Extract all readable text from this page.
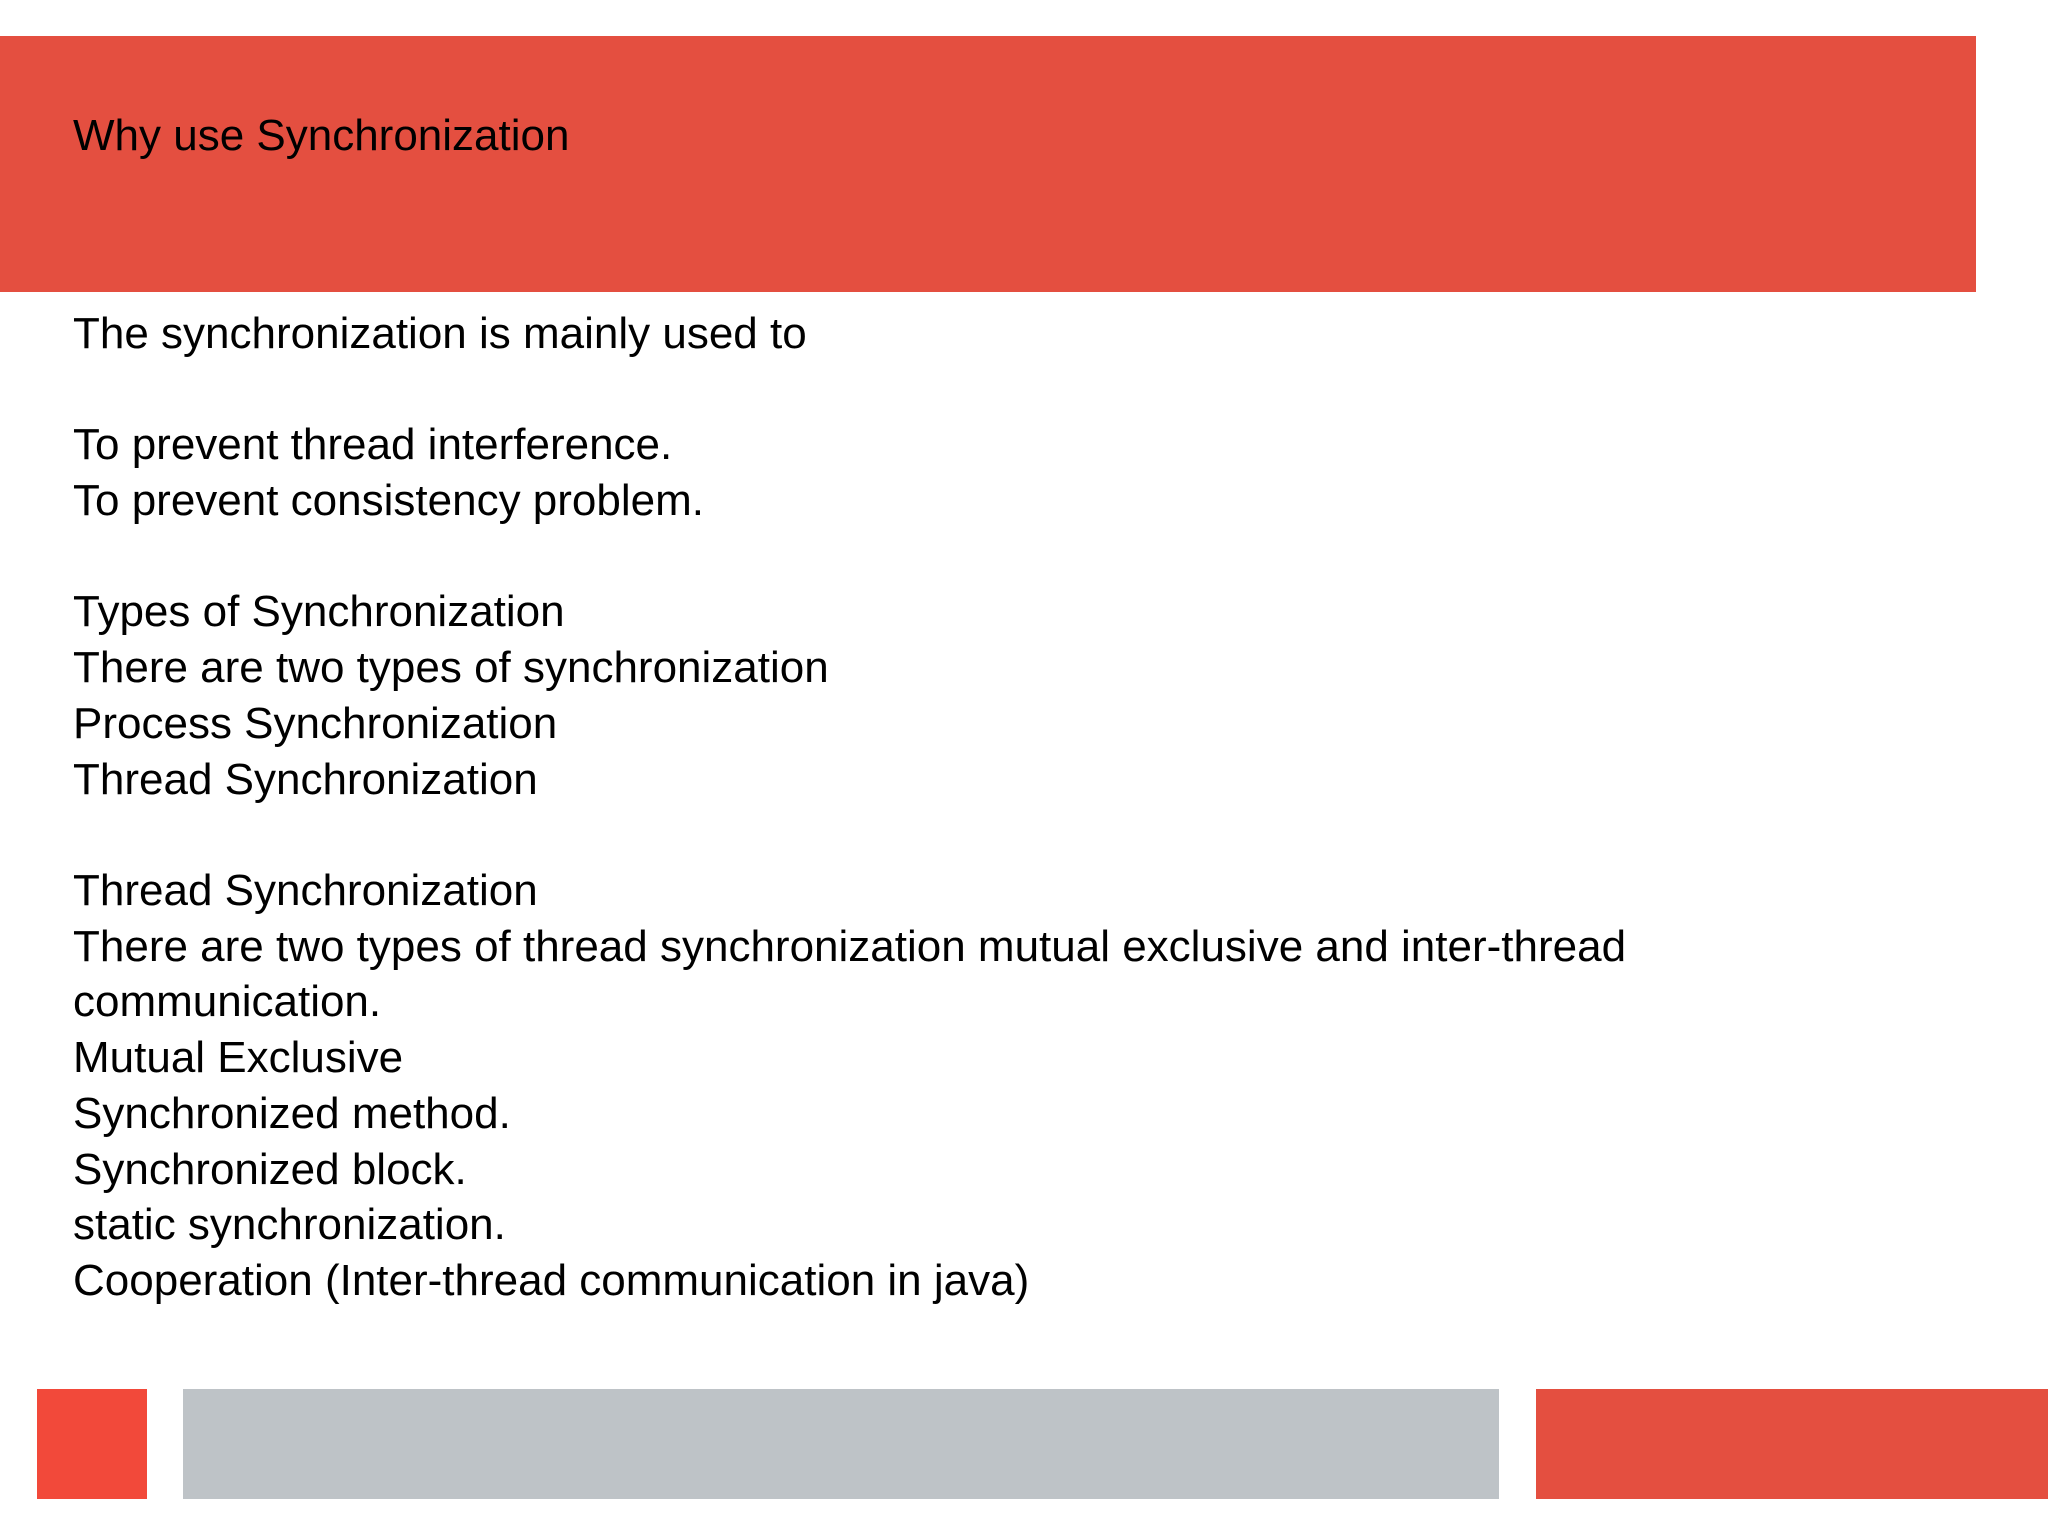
Why use Synchronization
The synchronization is mainly used to
To prevent thread interference.
To prevent consistency problem.
Types of Synchronization
There are two types of synchronization
Process Synchronization
Thread Synchronization
Thread Synchronization
There are two types of thread synchronization mutual exclusive and inter-thread
communication.
Mutual Exclusive
Synchronized method.
Synchronized block.
static synchronization.
Cooperation (Inter-thread communication in java)
